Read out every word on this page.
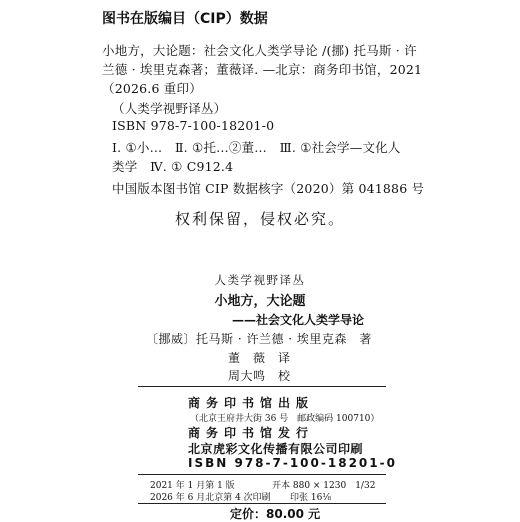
图书在版编目（CIP）数据
小地方，大论题：社会文化人类学导论 /(挪) 托马斯 · 许
兰德 · 埃里克森著；董薇译. —北京：商务印书馆，2021
（2026.6 重印）
（人类学视野译丛）
ISBN 978-7-100-18201-0
Ⅰ. ①小…　Ⅱ. ①托…②董…　Ⅲ. ①社会学—文化人
类学　Ⅳ. ① C912.4
中国版本图书馆 CIP 数据核字（2020）第 041886 号
权利保留，侵权必究。
人类学视野译丛
小地方，大论题
——社会文化人类学导论
〔挪威〕托马斯 · 许兰德 · 埃里克森　著
董　薇　译
周大鸣　校
商务印书馆出版
（北京王府井大街 36 号　邮政编码 100710）
商务印书馆发行
北京虎彩文化传播有限公司印刷
ISBN 978-7-100-18201-0
2021 年 1 月第 1 版	开本 880 × 1230　1/32
2026 年 6 月北京第 4 次印刷 印张 16⅛
定价：80.00 元
